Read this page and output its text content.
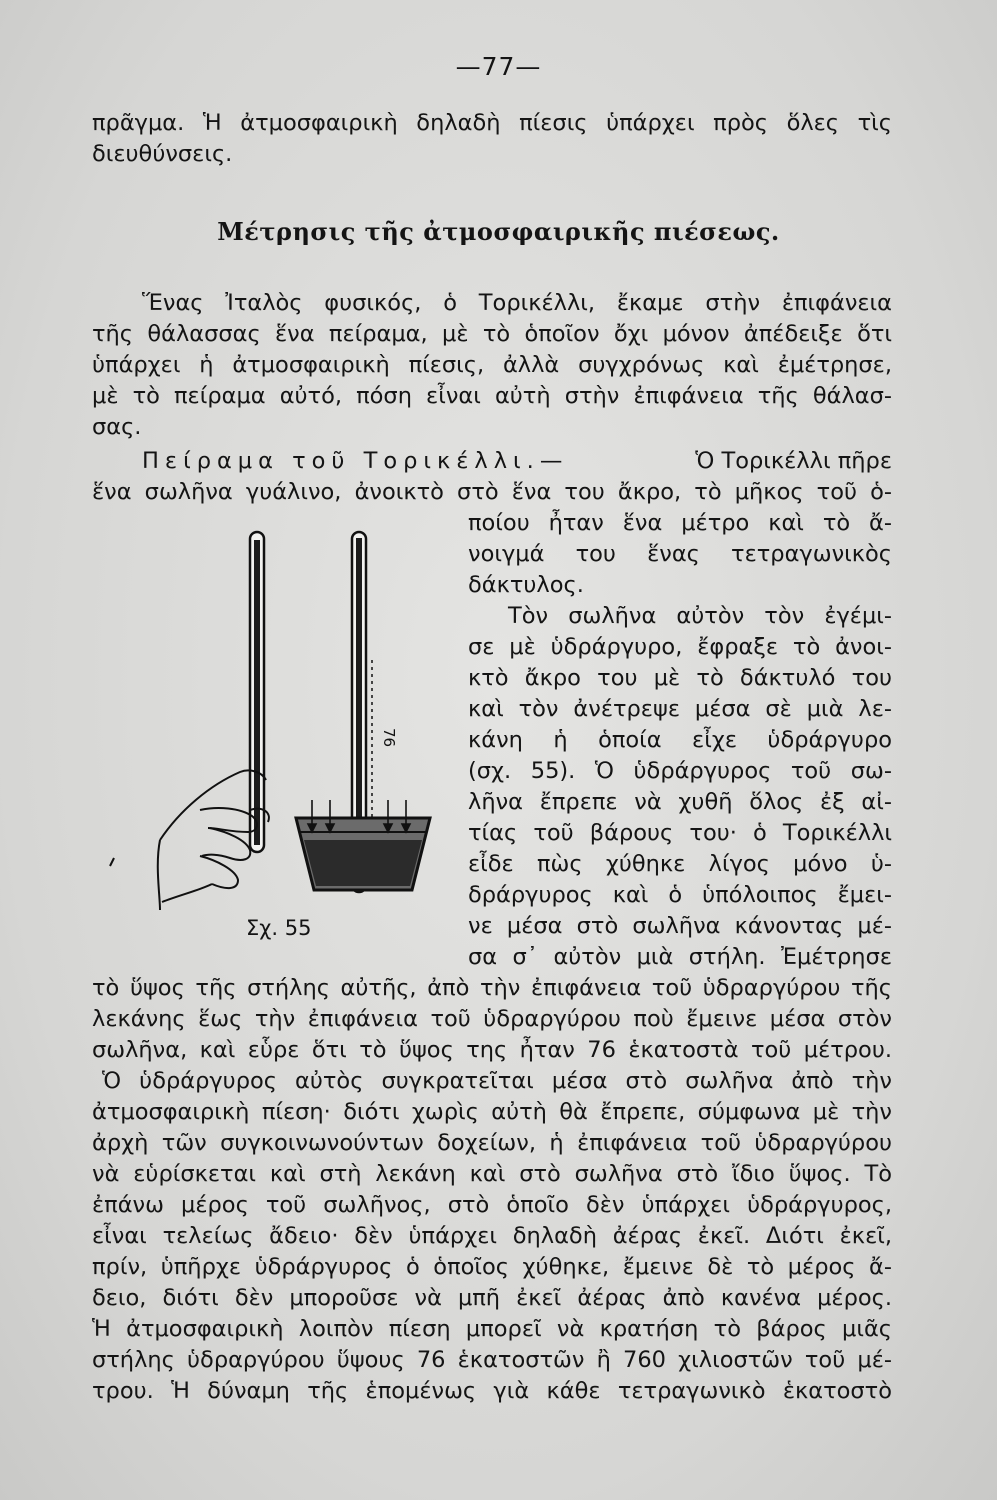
—77—

πρᾶγμα. Ἡ ἀτμοσφαιρικὴ δηλαδὴ πίεσις ὑπάρχει πρὸς ὅλες τὶς

διευθύνσεις.

Μέτρησις τῆς ἀτμοσφαιρικῆς πιέσεως.

Ἕνας Ἰταλὸς φυσικός, ὁ Τορικέλλι, ἔκαμε στὴν ἐπιφάνεια

τῆς θάλασσας ἕνα πείραμα, μὲ τὸ ὁποῖον ὄχι μόνον ἀπέδειξε ὅτι

ὑπάρχει ἡ ἀτμοσφαιρικὴ πίεσις, ἀλλὰ συγχρόνως καὶ ἐμέτρησε,

μὲ τὸ πείραμα αὐτό, πόση εἶναι αὐτὴ στὴν ἐπιφάνεια τῆς θάλασ-

σας.

Πείραμα τοῦ Τορικέλλι.—	Ὁ Τορικέλλι πῆρε

ἕνα σωλῆνα γυάλινο, ἀνοικτὸ στὸ ἕνα του ἄκρο, τὸ μῆκος τοῦ ὁ-

ποίου ἦταν ἕνα μέτρο καὶ τὸ ἄ-

νοιγμά του ἕνας τετραγωνικὸς

δάκτυλος.

Τὸν σωλῆνα αὐτὸν τὸν ἐγέμι-

σε μὲ ὑδράργυρο, ἔφραξε τὸ ἀνοι-

κτὸ ἄκρο του μὲ τὸ δάκτυλό του

καὶ τὸν ἀνέτρεψε μέσα σὲ μιὰ λε-

κάνη ἡ ὁποία εἶχε ὑδράργυρο

(σχ. 55). Ὁ ὑδράργυρος τοῦ σω-

λῆνα ἔπρεπε νὰ χυθῆ ὅλος ἐξ αἰ-

τίας τοῦ βάρους του· ὁ Τορικέλλι

εἶδε πὼς χύθηκε λίγος μόνο ὑ-

δράργυρος καὶ ὁ ὑπόλοιπος ἔμει-

νε μέσα στὸ σωλῆνα κάνοντας μέ-

σα σ᾽ αὐτὸν μιὰ στήλη. Ἐμέτρησε

76
Σχ. 55

τὸ ὕψος τῆς στήλης αὐτῆς, ἀπὸ τὴν ἐπιφάνεια τοῦ ὑδραργύρου τῆς

λεκάνης ἕως τὴν ἐπιφάνεια τοῦ ὑδραργύρου ποὺ ἔμεινε μέσα στὸν

σωλῆνα, καὶ εὗρε ὅτι τὸ ὕψος της ἦταν 76 ἑκατοστὰ τοῦ μέτρου.

Ὁ ὑδράργυρος αὐτὸς συγκρατεῖται μέσα στὸ σωλῆνα ἀπὸ τὴν

ἀτμοσφαιρικὴ πίεση· διότι χωρὶς αὐτὴ θὰ ἔπρεπε, σύμφωνα μὲ τὴν

ἀρχὴ τῶν συγκοινωνούντων δοχείων, ἡ ἐπιφάνεια τοῦ ὑδραργύρου

νὰ εὑρίσκεται καὶ στὴ λεκάνη καὶ στὸ σωλῆνα στὸ ἴδιο ὕψος. Τὸ

ἐπάνω μέρος τοῦ σωλῆνος, στὸ ὁποῖο δὲν ὑπάρχει ὑδράργυρος,

εἶναι τελείως ἄδειο· δὲν ὑπάρχει δηλαδὴ ἀέρας ἐκεῖ. Διότι ἐκεῖ,

πρίν, ὑπῆρχε ὑδράργυρος ὁ ὁποῖος χύθηκε, ἔμεινε δὲ τὸ μέρος ἄ-

δειο, διότι δὲν μποροῦσε νὰ μπῆ ἐκεῖ ἀέρας ἀπὸ κανένα μέρος.

Ἡ ἀτμοσφαιρικὴ λοιπὸν πίεση μπορεῖ νὰ κρατήση τὸ βάρος μιᾶς

στήλης ὑδραργύρου ὕψους 76 ἑκατοστῶν ἢ 760 χιλιοστῶν τοῦ μέ-

τρου. Ἡ δύναμη τῆς ἑπομένως γιὰ κάθε τετραγωνικὸ ἑκατοστὸ
